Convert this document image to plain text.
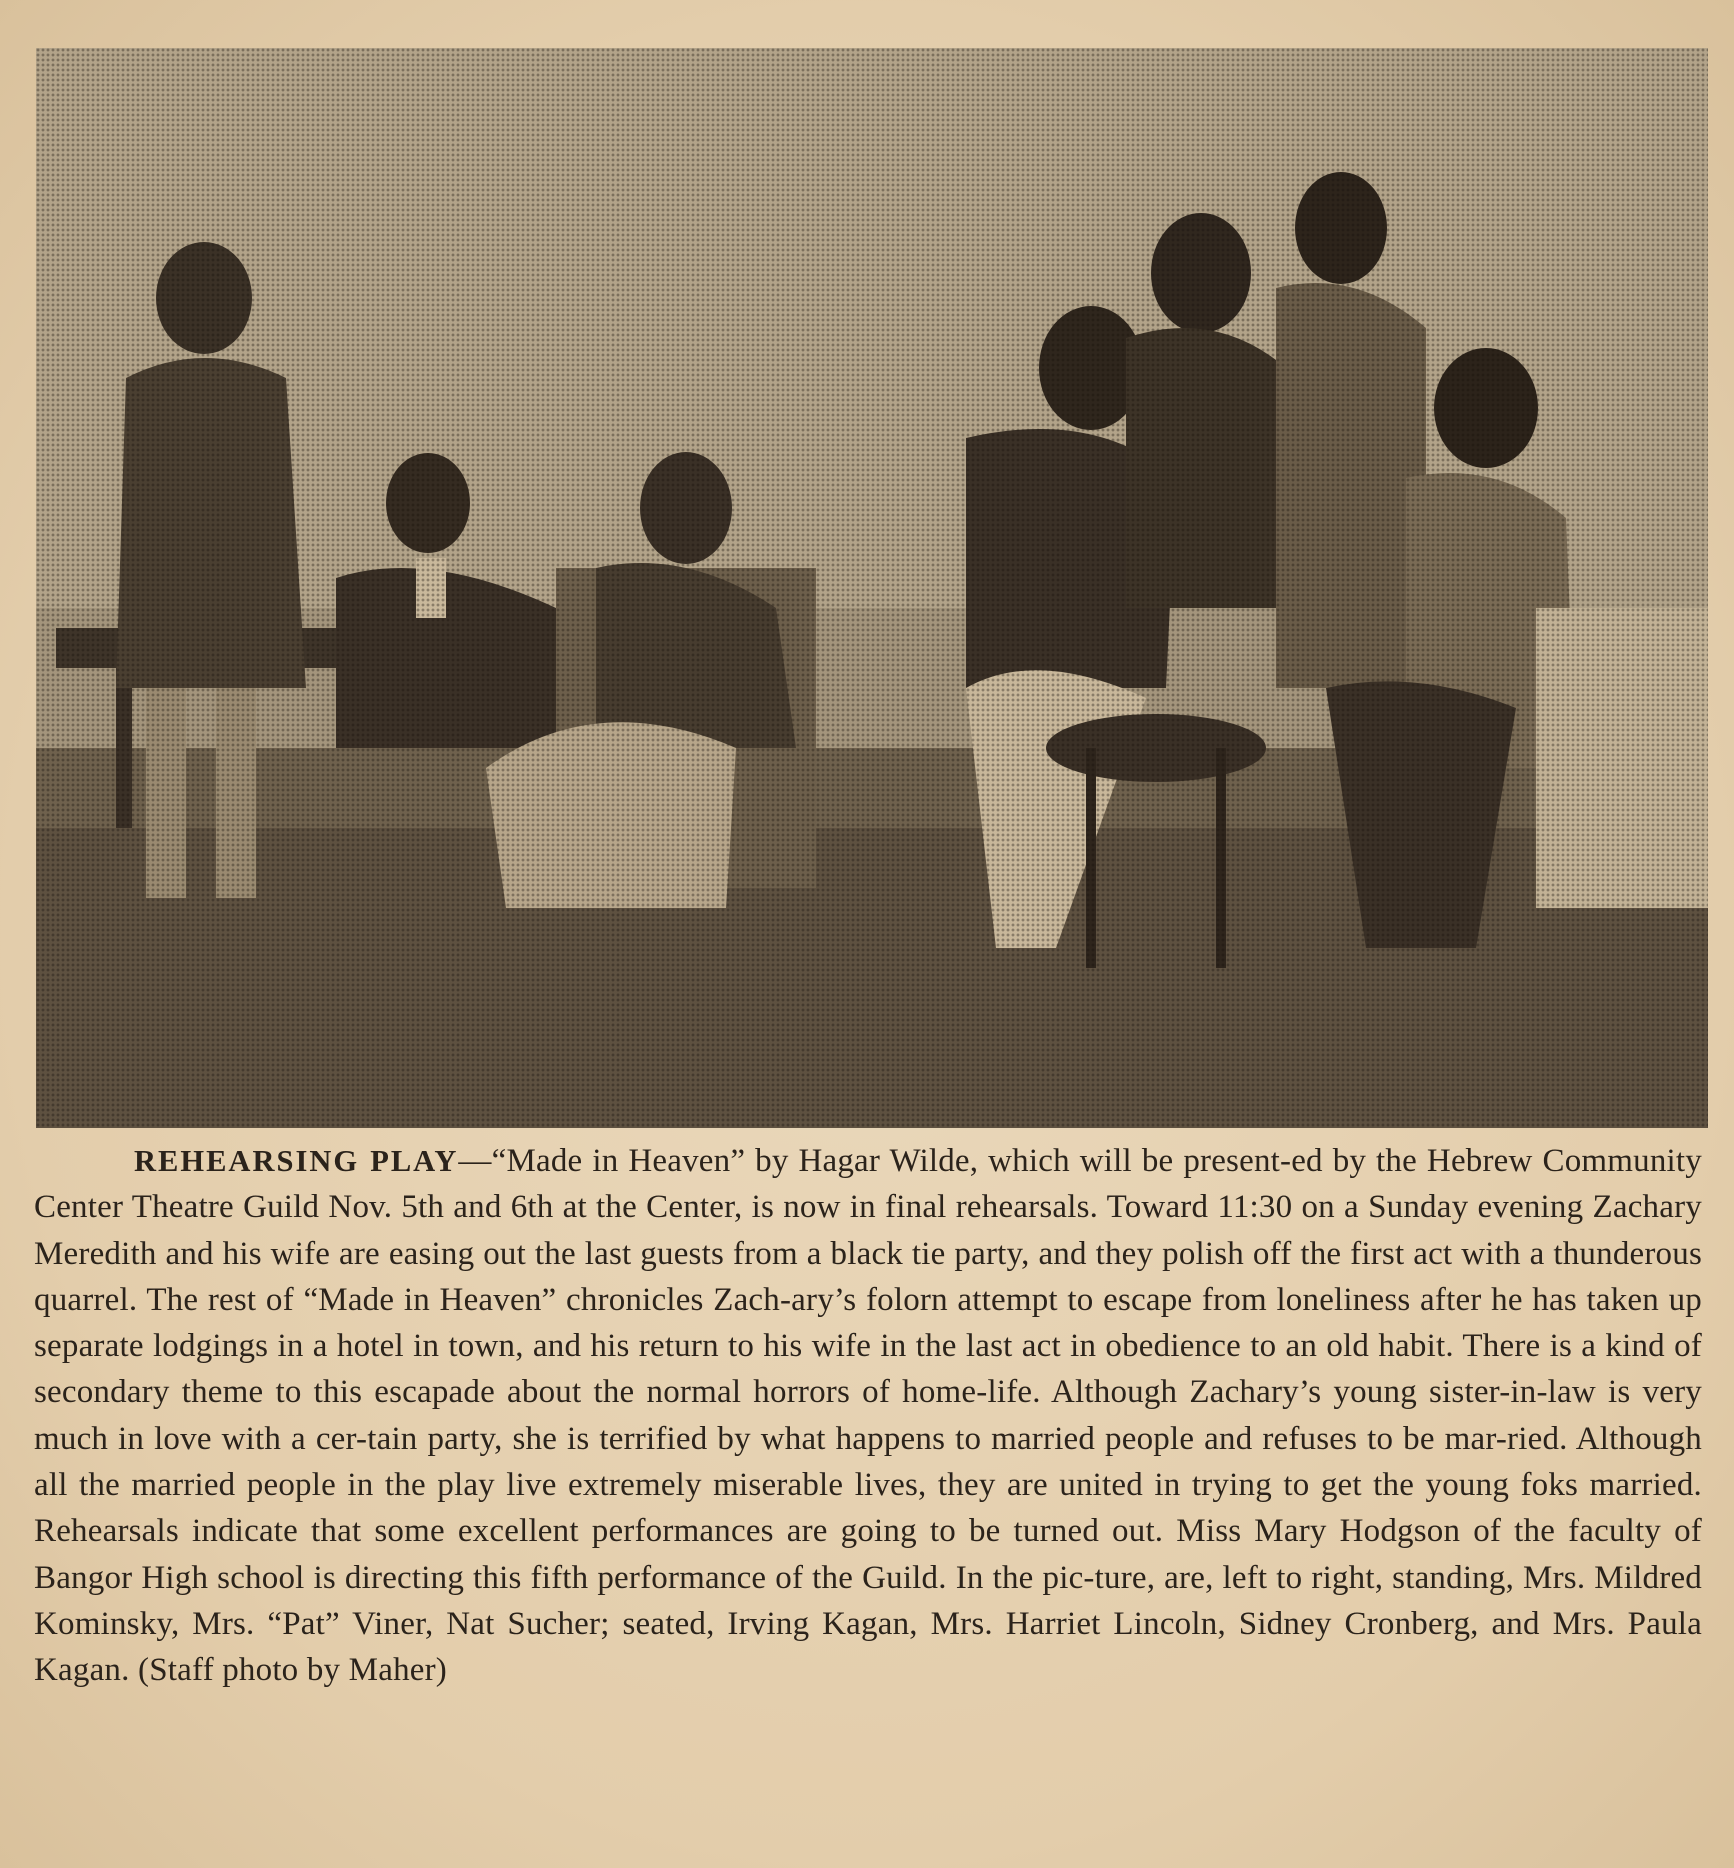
REHEARSING PLAY—“Made in Heaven” by Hagar Wilde, which will be present-ed by the Hebrew Community Center Theatre Guild Nov. 5th and 6th at the Center, is now in final rehearsals. Toward 11:30 on a Sunday evening Zachary Meredith and his wife are easing out the last guests from a black tie party, and they polish off the first act with a thunderous quarrel. The rest of “Made in Heaven” chronicles Zach-ary’s folorn attempt to escape from loneliness after he has taken up separate lodgings in a hotel in town, and his return to his wife in the last act in obedience to an old habit. There is a kind of secondary theme to this escapade about the normal horrors of home-life. Although Zachary’s young sister-in-law is very much in love with a cer-tain party, she is terrified by what happens to married people and refuses to be mar-ried. Although all the married people in the play live extremely miserable lives, they are united in trying to get the young foks married. Rehearsals indicate that some excellent performances are going to be turned out. Miss Mary Hodgson of the faculty of Bangor High school is directing this fifth performance of the Guild. In the pic-ture, are, left to right, standing, Mrs. Mildred Kominsky, Mrs. “Pat” Viner, Nat Sucher; seated, Irving Kagan, Mrs. Harriet Lincoln, Sidney Cronberg, and Mrs. Paula Kagan. (Staff photo by Maher)
